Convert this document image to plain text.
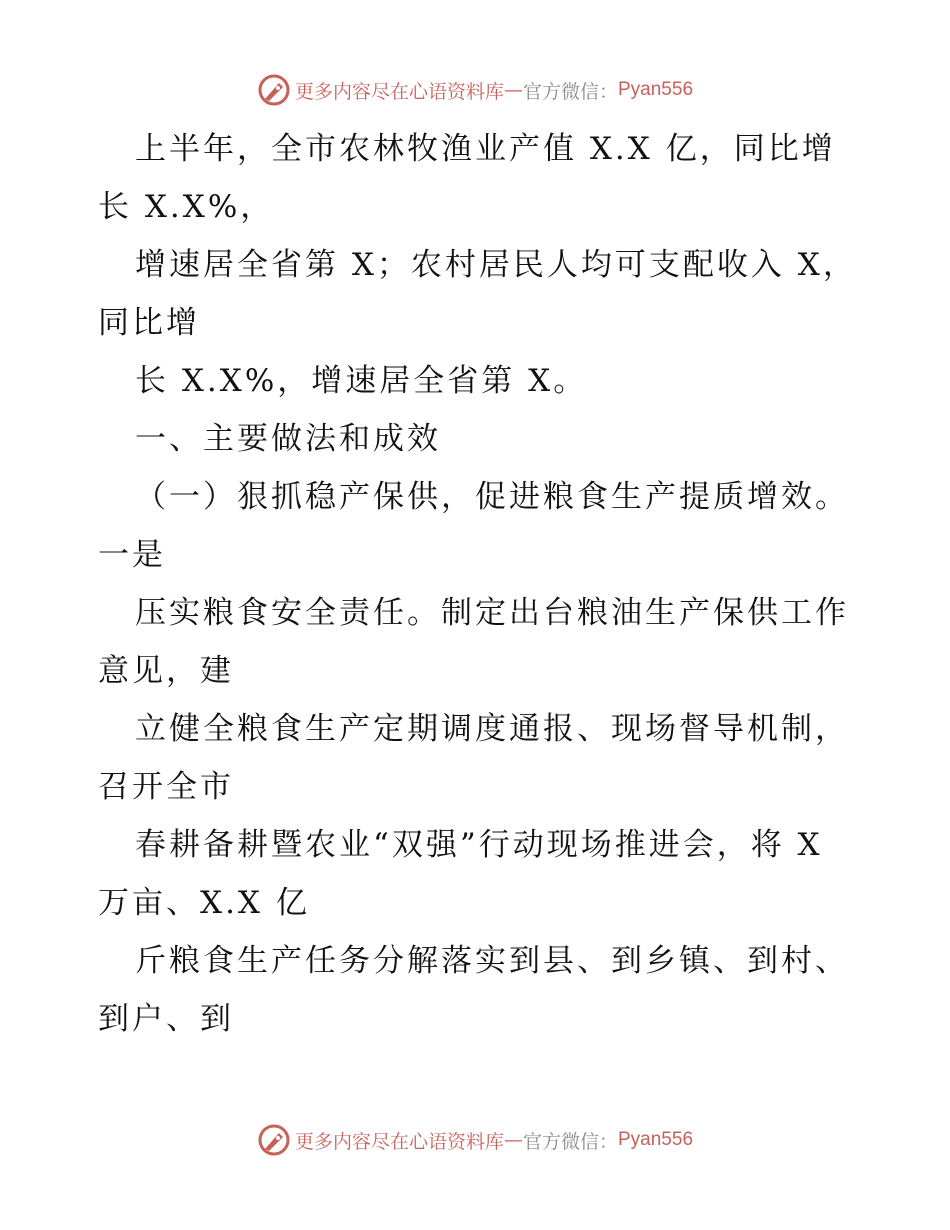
更多内容尽在心语资料库 — 官方微信： Pyan556
上半年，全市农林牧渔业产值 X.X 亿，同比增
长 X.X%，
增速居全省第 X；农村居民人均可支配收入 X，
同比增
长 X.X%，增速居全省第 X。
一、主要做法和成效
（一）狠抓稳产保供，促进粮食生产提质增效。
一是
压实粮食安全责任。制定出台粮油生产保供工作
意见，建
立健全粮食生产定期调度通报、现场督导机制，
召开全市
春耕备耕暨农业“双强”行动现场推进会，将 X
万亩、X.X 亿
斤粮食生产任务分解落实到县、到乡镇、到村、
到户、到
更多内容尽在心语资料库 — 官方微信： Pyan556
